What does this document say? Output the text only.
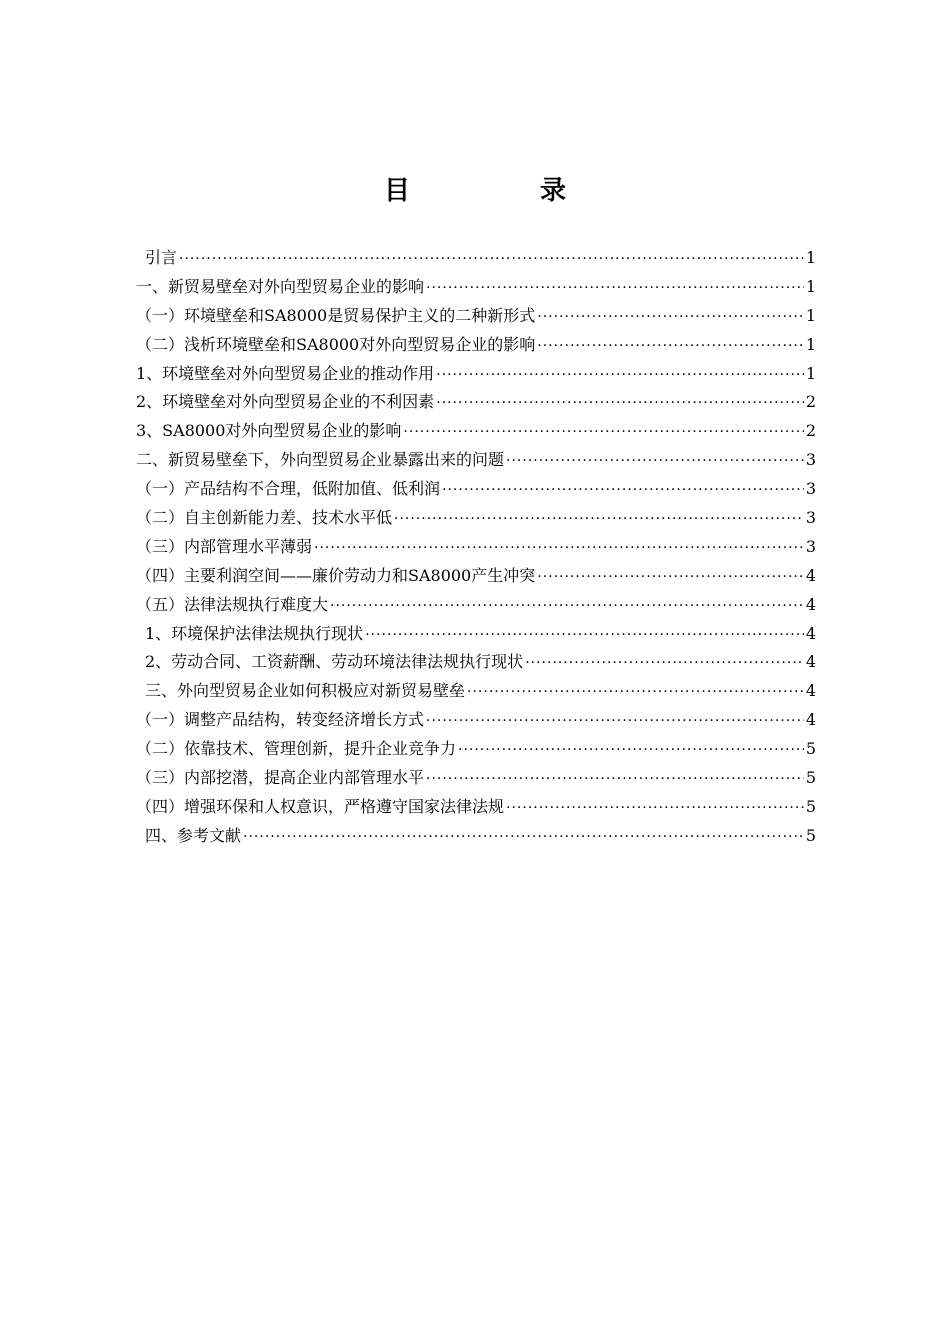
目　录
引言 ·····	1
一、新贸易壁垒对外向型贸易企业的影响 ·····	1
（一）环境壁垒和SA8000是贸易保护主义的二种新形式 ·····	1
（二）浅析环境壁垒和SA8000对外向型贸易企业的影响 ·····	1
1、环境壁垒对外向型贸易企业的推动作用 ·····	1
2、环境壁垒对外向型贸易企业的不利因素 ·····	2
3、SA8000对外向型贸易企业的影响 ·····	2
二、新贸易壁垒下，外向型贸易企业暴露出来的问题 ·····	3
（一）产品结构不合理，低附加值、低利润 ·····	3
（二）自主创新能力差、技术水平低 ·····	3
（三）内部管理水平薄弱 ·····	3
（四）主要利润空间——廉价劳动力和SA8000产生冲突 ·····	4
（五）法律法规执行难度大 ·····	4
1、环境保护法律法规执行现状 ·····	4
2、劳动合同、工资薪酬、劳动环境法律法规执行现状 ·····	4
三、外向型贸易企业如何积极应对新贸易壁垒 ·····	4
（一）调整产品结构，转变经济增长方式 ·····	4
（二）依靠技术、管理创新，提升企业竞争力 ·····	5
（三）内部挖潜，提高企业内部管理水平 ·····	5
（四）增强环保和人权意识，严格遵守国家法律法规 ·····	5
四、参考文献 ·····	5
